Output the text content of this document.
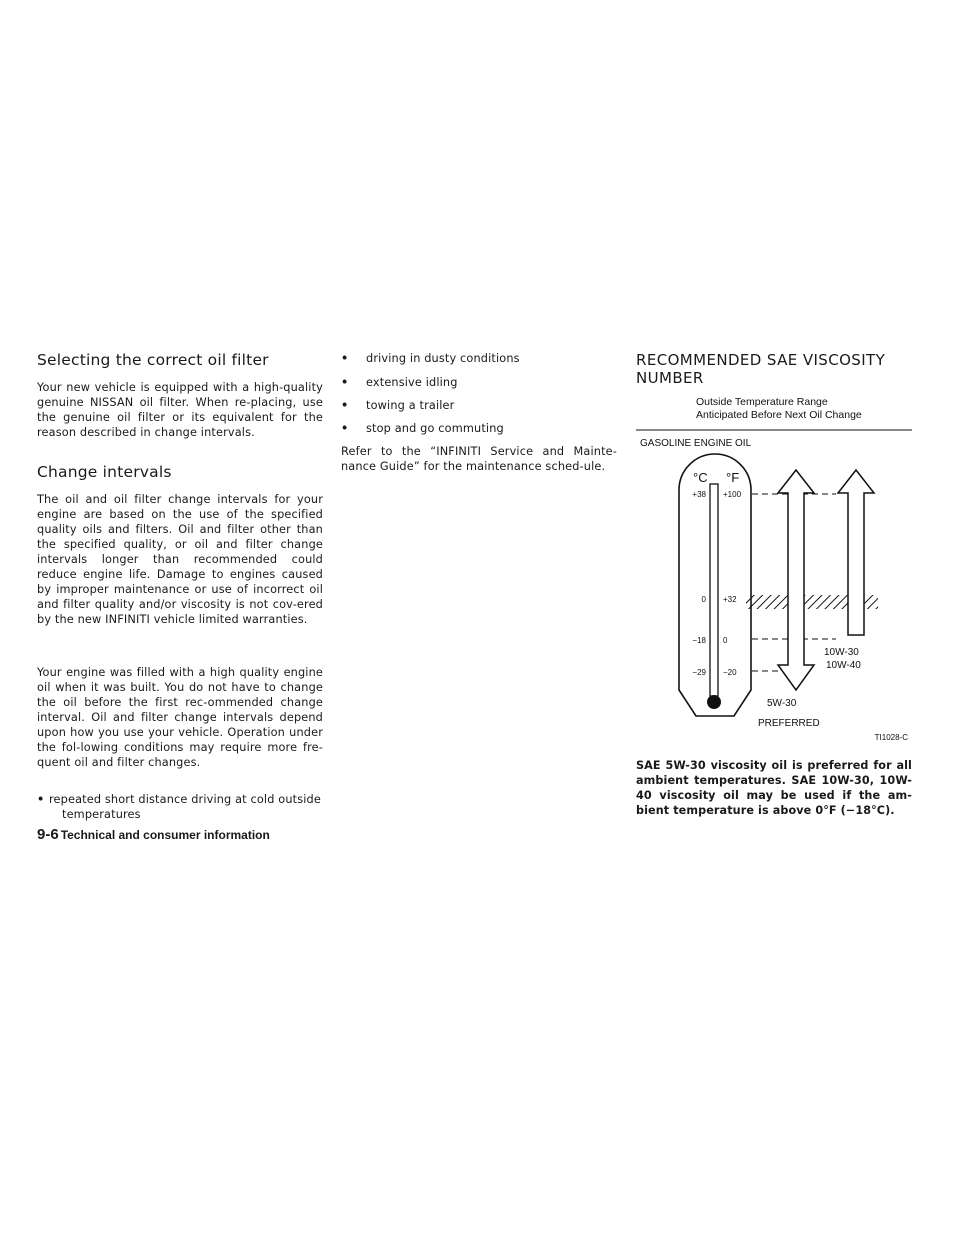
Selecting the correct oil filter

Your new vehicle is equipped with a high-quality genuine NISSAN oil filter. When re-placing, use the genuine oil filter or its equivalent for the reason described in change intervals.

Change intervals

The oil and oil filter change intervals for your engine are based on the use of the specified quality oils and filters. Oil and filter other than the specified quality, or oil and filter change intervals longer than recommended could reduce engine life. Damage to engines caused by improper maintenance or use of incorrect oil and filter quality and/or viscosity is not cov-ered by the new INFINITI vehicle limited warranties.

Your engine was filled with a high quality engine oil when it was built. You do not have to change the oil before the first rec-ommended change interval. Oil and filter change intervals depend upon how you use your vehicle. Operation under the fol-lowing conditions may require more fre-quent oil and filter changes.

• repeated short distance driving at cold outside temperatures
•	driving in dusty conditions
•	extensive idling
•	towing a trailer
•	stop and go commuting

Refer to the “INFINITI Service and Mainte-nance Guide” for the maintenance sched-ule.

RECOMMENDED SAE VISCOSITY NUMBER
Outside Temperature Range
Anticipated Before Next Oil Change
GASOLINE ENGINE OIL
°C °F
+38
0
−18
−29
+100
+32
0
−20
10W-30
10W-40
5W-30
PREFERRED
TI1028-C

SAE 5W-30 viscosity oil is preferred for all ambient temperatures. SAE 10W-30, 10W-40 viscosity oil may be used if the am-bient temperature is above 0°F (−18°C).

9-6 Technical and consumer information
